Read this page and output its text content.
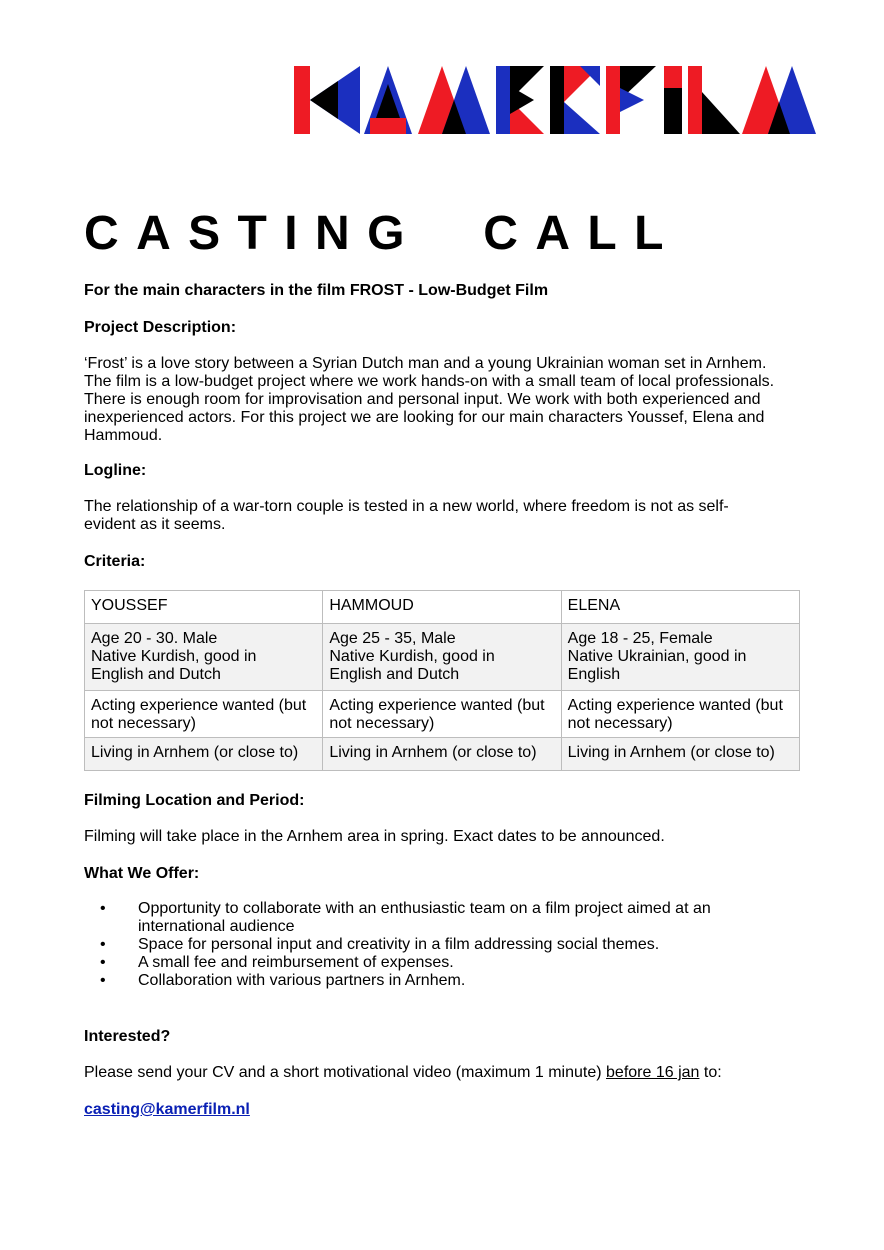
CASTING  CALL

For the main characters in the film FROST - Low-Budget Film

Project Description:

‘Frost’ is a love story between a Syrian Dutch man and a young Ukrainian woman set in Arnhem.
The film is a low-budget project where we work hands-on with a small team of local professionals.
There is enough room for improvisation and personal input. We work with both experienced and
inexperienced actors. For this project we are looking for our main characters Youssef, Elena and
Hammoud.

Logline:

The relationship of a war-torn couple is tested in a new world, where freedom is not as self-
evident as it seems.

Criteria:

YOUSSEF	HAMMOUD	ELENA

Age 20 - 30. Male
Native Kurdish, good in
English and Dutch	Age 25 - 35, Male
Native Kurdish, good in
English and Dutch	Age 18 - 25, Female
Native Ukrainian, good in
English

Acting experience wanted (but
not necessary)	Acting experience wanted (but
not necessary)	Acting experience wanted (but
not necessary)

Living in Arnhem (or close to)	Living in Arnhem (or close to)	Living in Arnhem (or close to)

Filming Location and Period:

Filming will take place in the Arnhem area in spring. Exact dates to be announced.

What We Offer:

• Opportunity to collaborate with an enthusiastic team on a film project aimed at an
international audience
• Space for personal input and creativity in a film addressing social themes.
• A small fee and reimbursement of expenses.
• Collaboration with various partners in Arnhem.

Interested?

Please send your CV and a short motivational video (maximum 1 minute) before 16 jan to:

casting@kamerfilm.nl
